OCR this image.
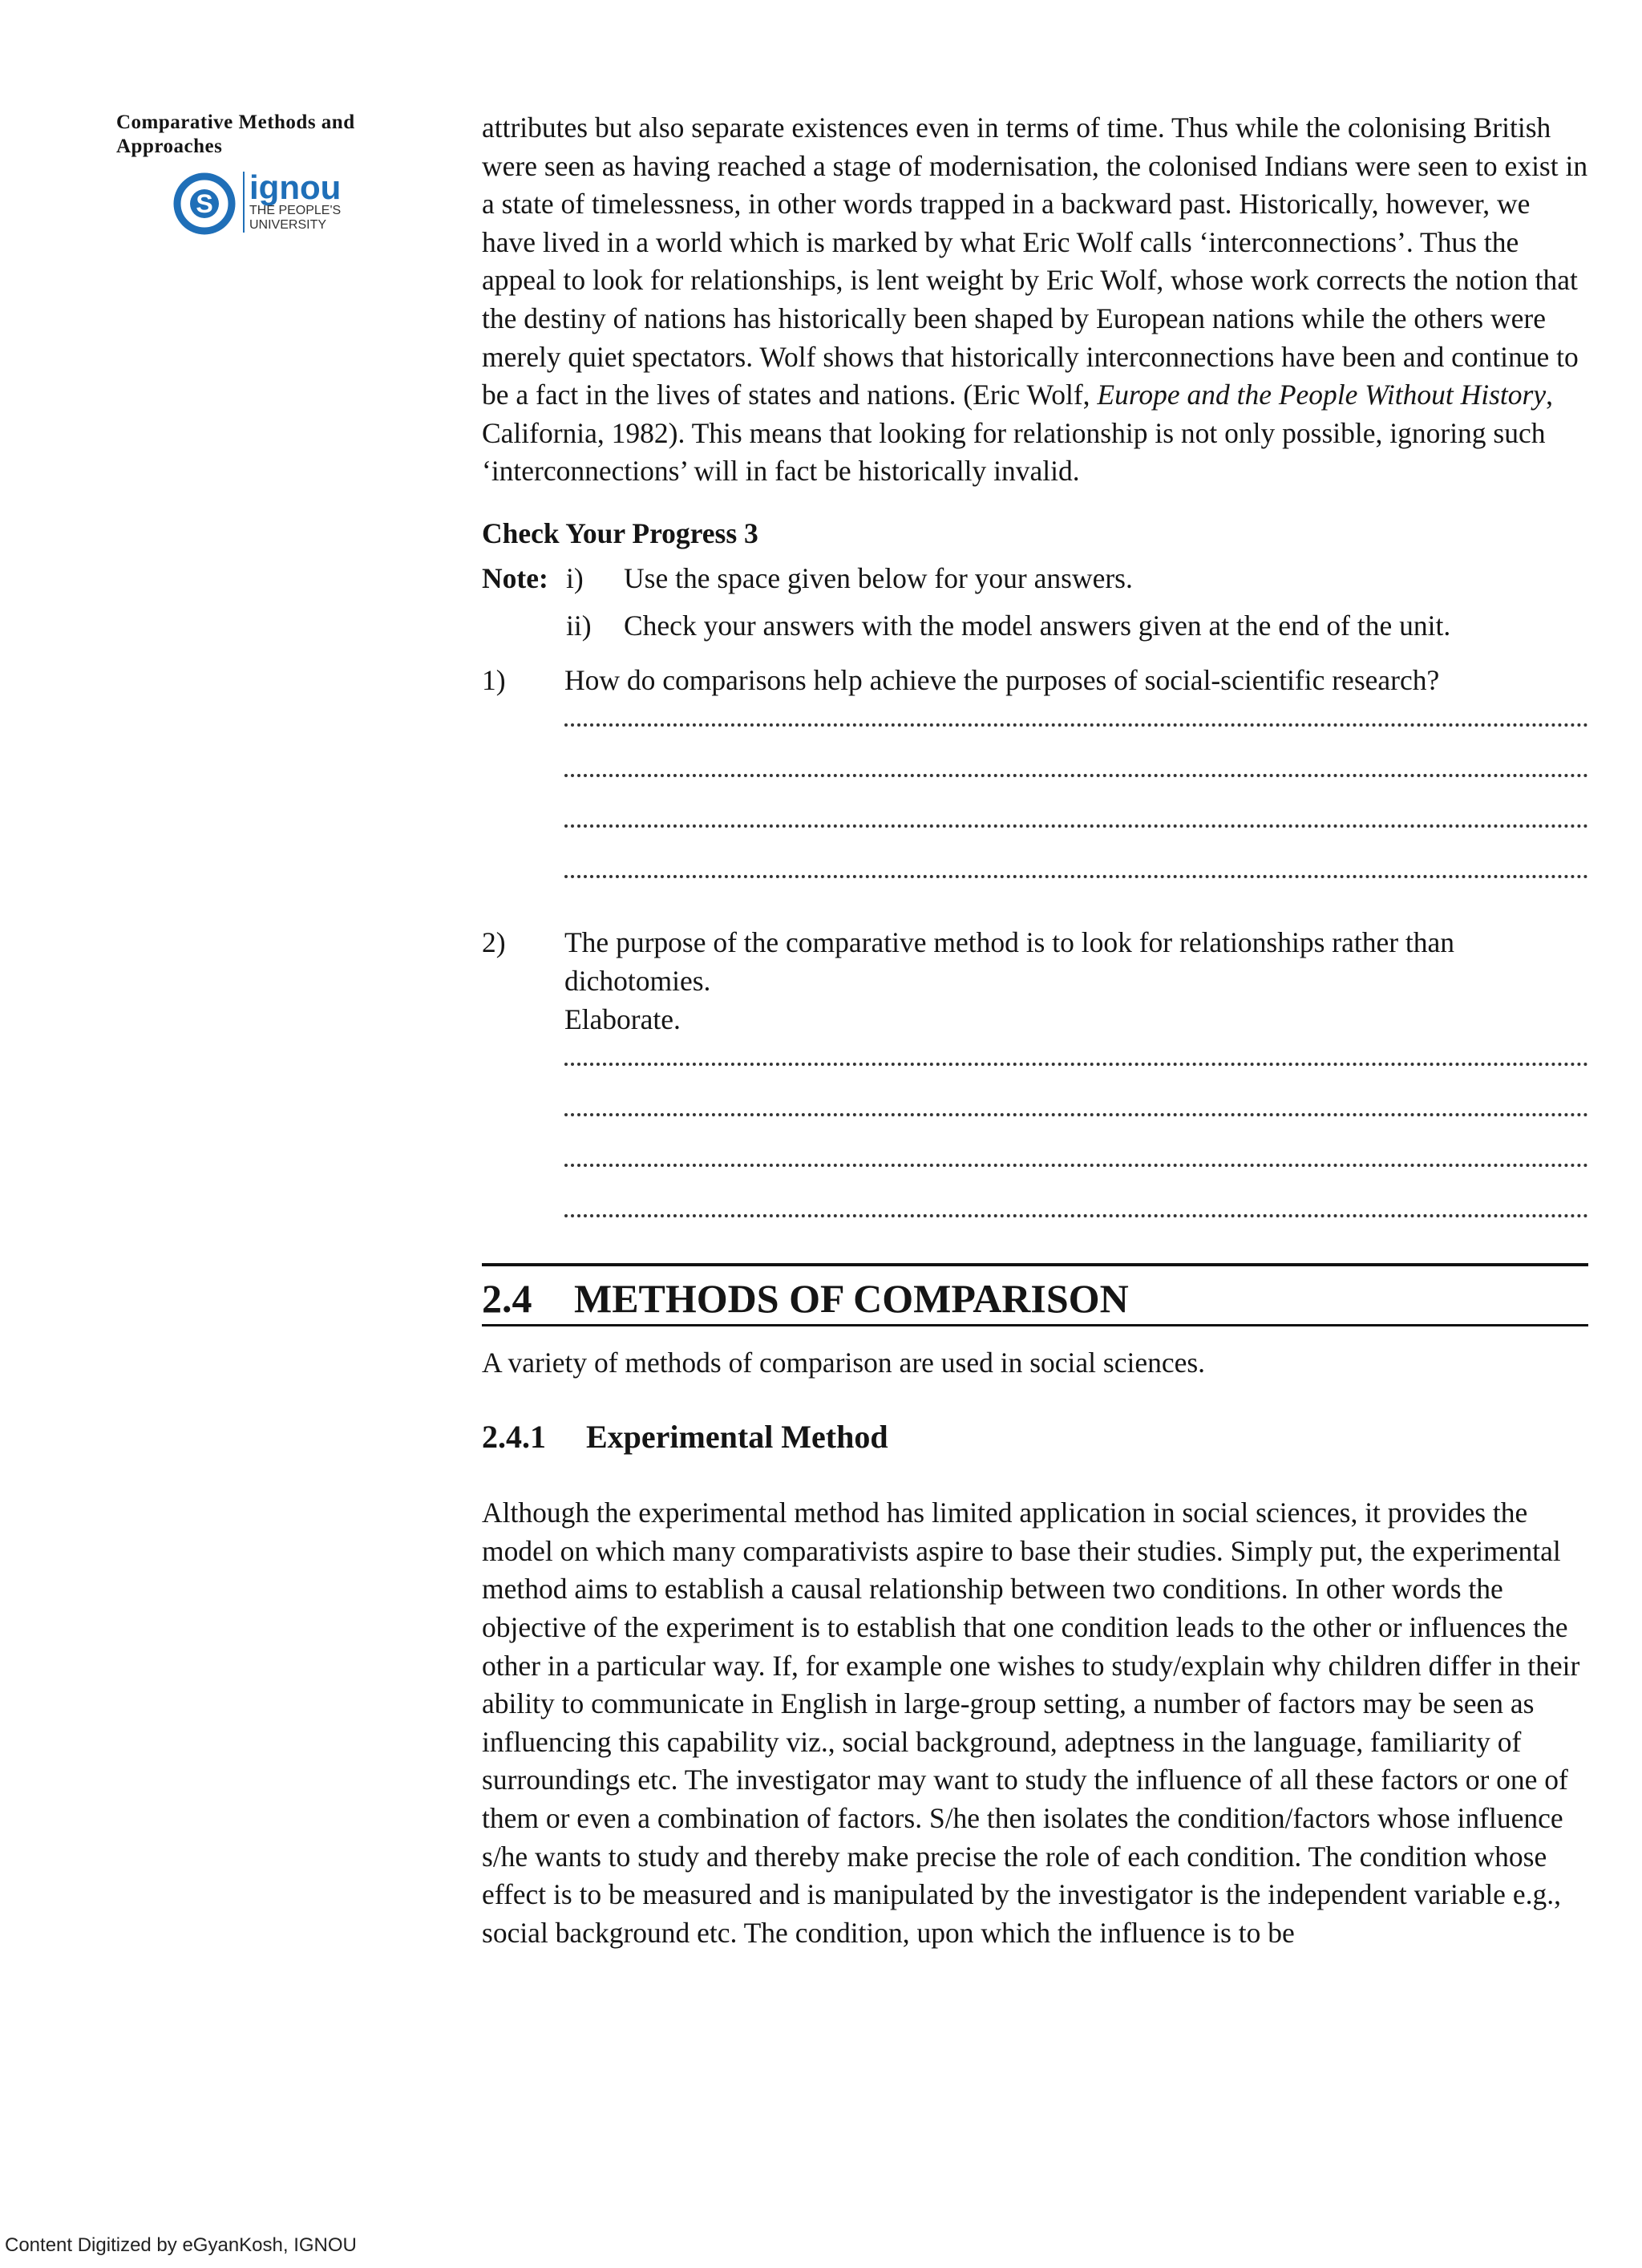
Comparative Methods and
Approaches
S ignou
THE PEOPLE'S
UNIVERSITY

attributes but also separate existences even in terms of time. Thus while the colonising British were seen as having reached a stage of modernisation, the colonised Indians were seen to exist in a state of timelessness, in other words trapped in a backward past. Historically, however, we have lived in a world which is marked by what Eric Wolf calls ‘interconnections’. Thus the appeal to look for relationships, is lent weight by Eric Wolf, whose work corrects the notion that the destiny of nations has historically been shaped by European nations while the others were merely quiet spectators. Wolf shows that historically interconnections have been and continue to be a fact in the lives of states and nations. (Eric Wolf, Europe and the People Without History, California, 1982). This means that looking for relationship is not only possible, ignoring such ‘interconnections’ will in fact be historically invalid.

Check Your Progress 3
Note: i)	Use the space given below for your answers.
ii)	Check your answers with the model answers given at the end of the unit.
1)	How do comparisons help achieve the purposes of social-scientific research?
2)	The purpose of the comparative method is to look for relationships rather than dichotomies.
Elaborate.
2.4	METHODS OF COMPARISON

A variety of methods of comparison are used in social sciences.

2.4.1	Experimental Method

Although the experimental method has limited application in social sciences, it provides the model on which many comparativists aspire to base their studies. Simply put, the experimental method aims to establish a causal relationship between two conditions. In other words the objective of the experiment is to establish that one condition leads to the other or influences the other in a particular way. If, for example one wishes to study/explain why children differ in their ability to communicate in English in large-group setting, a number of factors may be seen as influencing this capability viz., social background, adeptness in the language, familiarity of surroundings etc. The investigator may want to study the influence of all these factors or one of them or even a combination of factors. S/he then isolates the condition/factors whose influence s/he wants to study and thereby make precise the role of each condition. The condition whose effect is to be measured and is manipulated by the investigator is the independent variable e.g., social background etc. The condition, upon which the influence is to be

Content Digitized by eGyanKosh, IGNOU
